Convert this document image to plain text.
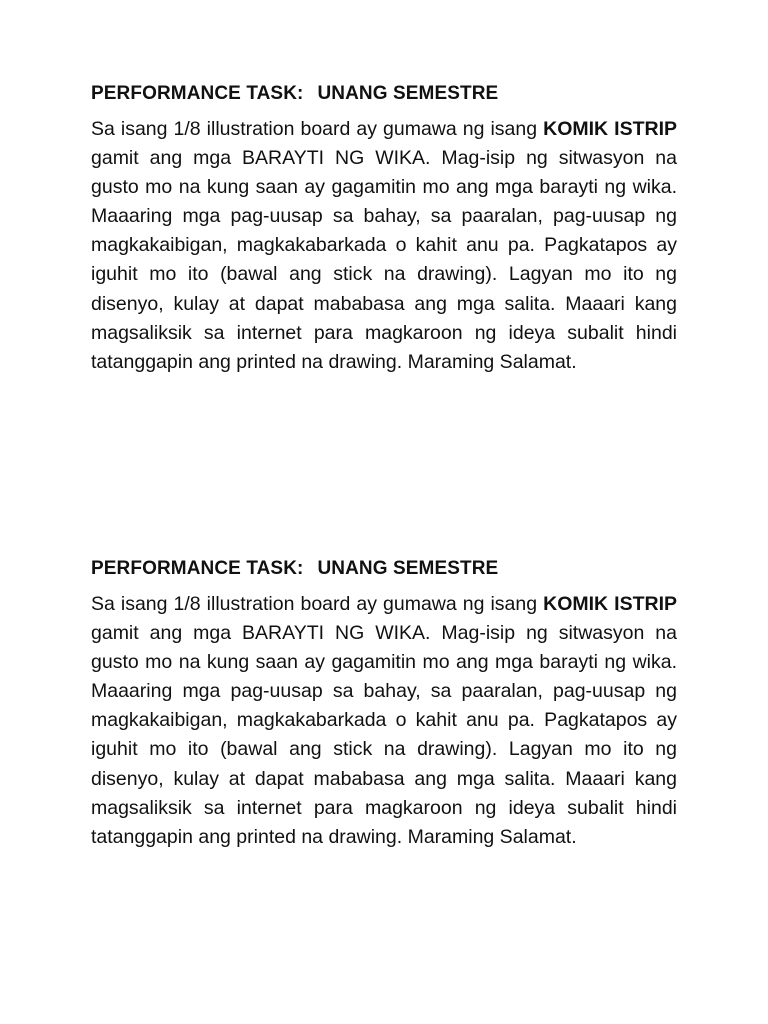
PERFORMANCE TASK: UNANG SEMESTRE

Sa isang 1/8 illustration board ay gumawa ng isang KOMIK ISTRIP gamit ang mga BARAYTI NG WIKA. Mag-isip ng sitwasyon na gusto mo na kung saan ay gagamitin mo ang mga barayti ng wika. Maaaring mga pag-uusap sa bahay, sa paaralan, pag-uusap ng magkakaibigan, magkakabarkada o kahit anu pa. Pagkatapos ay iguhit mo ito (bawal ang stick na drawing). Lagyan mo ito ng disenyo, kulay at dapat mababasa ang mga salita. Maaari kang magsaliksik sa internet para magkaroon ng ideya subalit hindi tatanggapin ang printed na drawing. Maraming Salamat.

PERFORMANCE TASK: UNANG SEMESTRE

Sa isang 1/8 illustration board ay gumawa ng isang KOMIK ISTRIP gamit ang mga BARAYTI NG WIKA. Mag-isip ng sitwasyon na gusto mo na kung saan ay gagamitin mo ang mga barayti ng wika. Maaaring mga pag-uusap sa bahay, sa paaralan, pag-uusap ng magkakaibigan, magkakabarkada o kahit anu pa. Pagkatapos ay iguhit mo ito (bawal ang stick na drawing). Lagyan mo ito ng disenyo, kulay at dapat mababasa ang mga salita. Maaari kang magsaliksik sa internet para magkaroon ng ideya subalit hindi tatanggapin ang printed na drawing. Maraming Salamat.
